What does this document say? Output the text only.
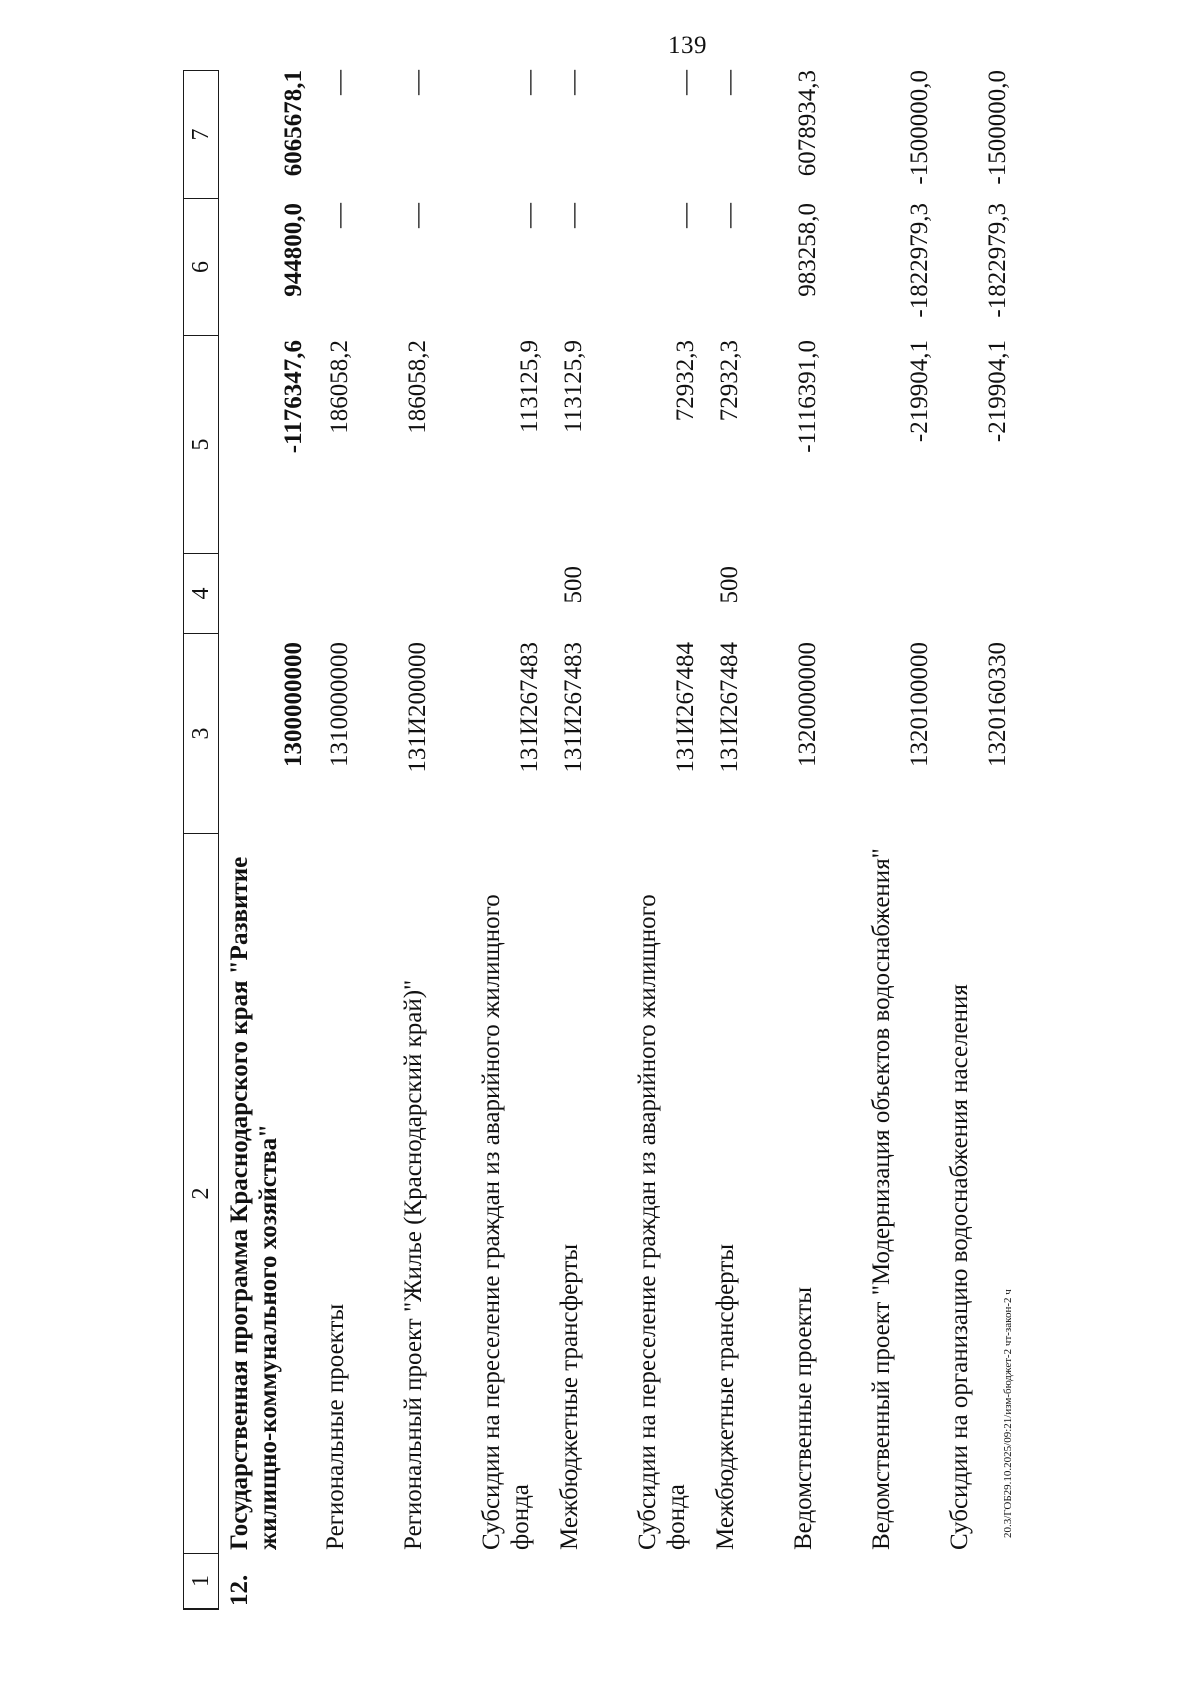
139
1
2
3
4
5
6
7
12.
Государственная программа Краснодарского края "Развитие жилищно-коммунального хозяйства"
1300000000
-1176347,6
944800,0
6065678,1
Региональные проекты
1310000000
186058,2
—
—
Региональный проект "Жилье (Краснодарский край)"
131И200000
186058,2
—
—
Субсидии на переселение граждан из аварийного жилищного фонда
131И267483
113125,9
—
—
Межбюджетные трансферты
131И267483
500
113125,9
—
—
Субсидии на переселение граждан из аварийного жилищного фонда
131И267484
72932,3
—
—
Межбюджетные трансферты
131И267484
500
72932,3
—
—
Ведомственные проекты
1320000000
-1116391,0
983258,0
6078934,3
Ведомственный проект "Модернизация объектов водоснабжения"
1320100000
-219904,1
-1822979,3
-1500000,0
Субсидии на организацию водоснабжения населения
1320160330
-219904,1
-1822979,3
-1500000,0
20.3/ГОБ29.10.2025/09:21/изм-бюджет-2 чт-закон-2 ч
